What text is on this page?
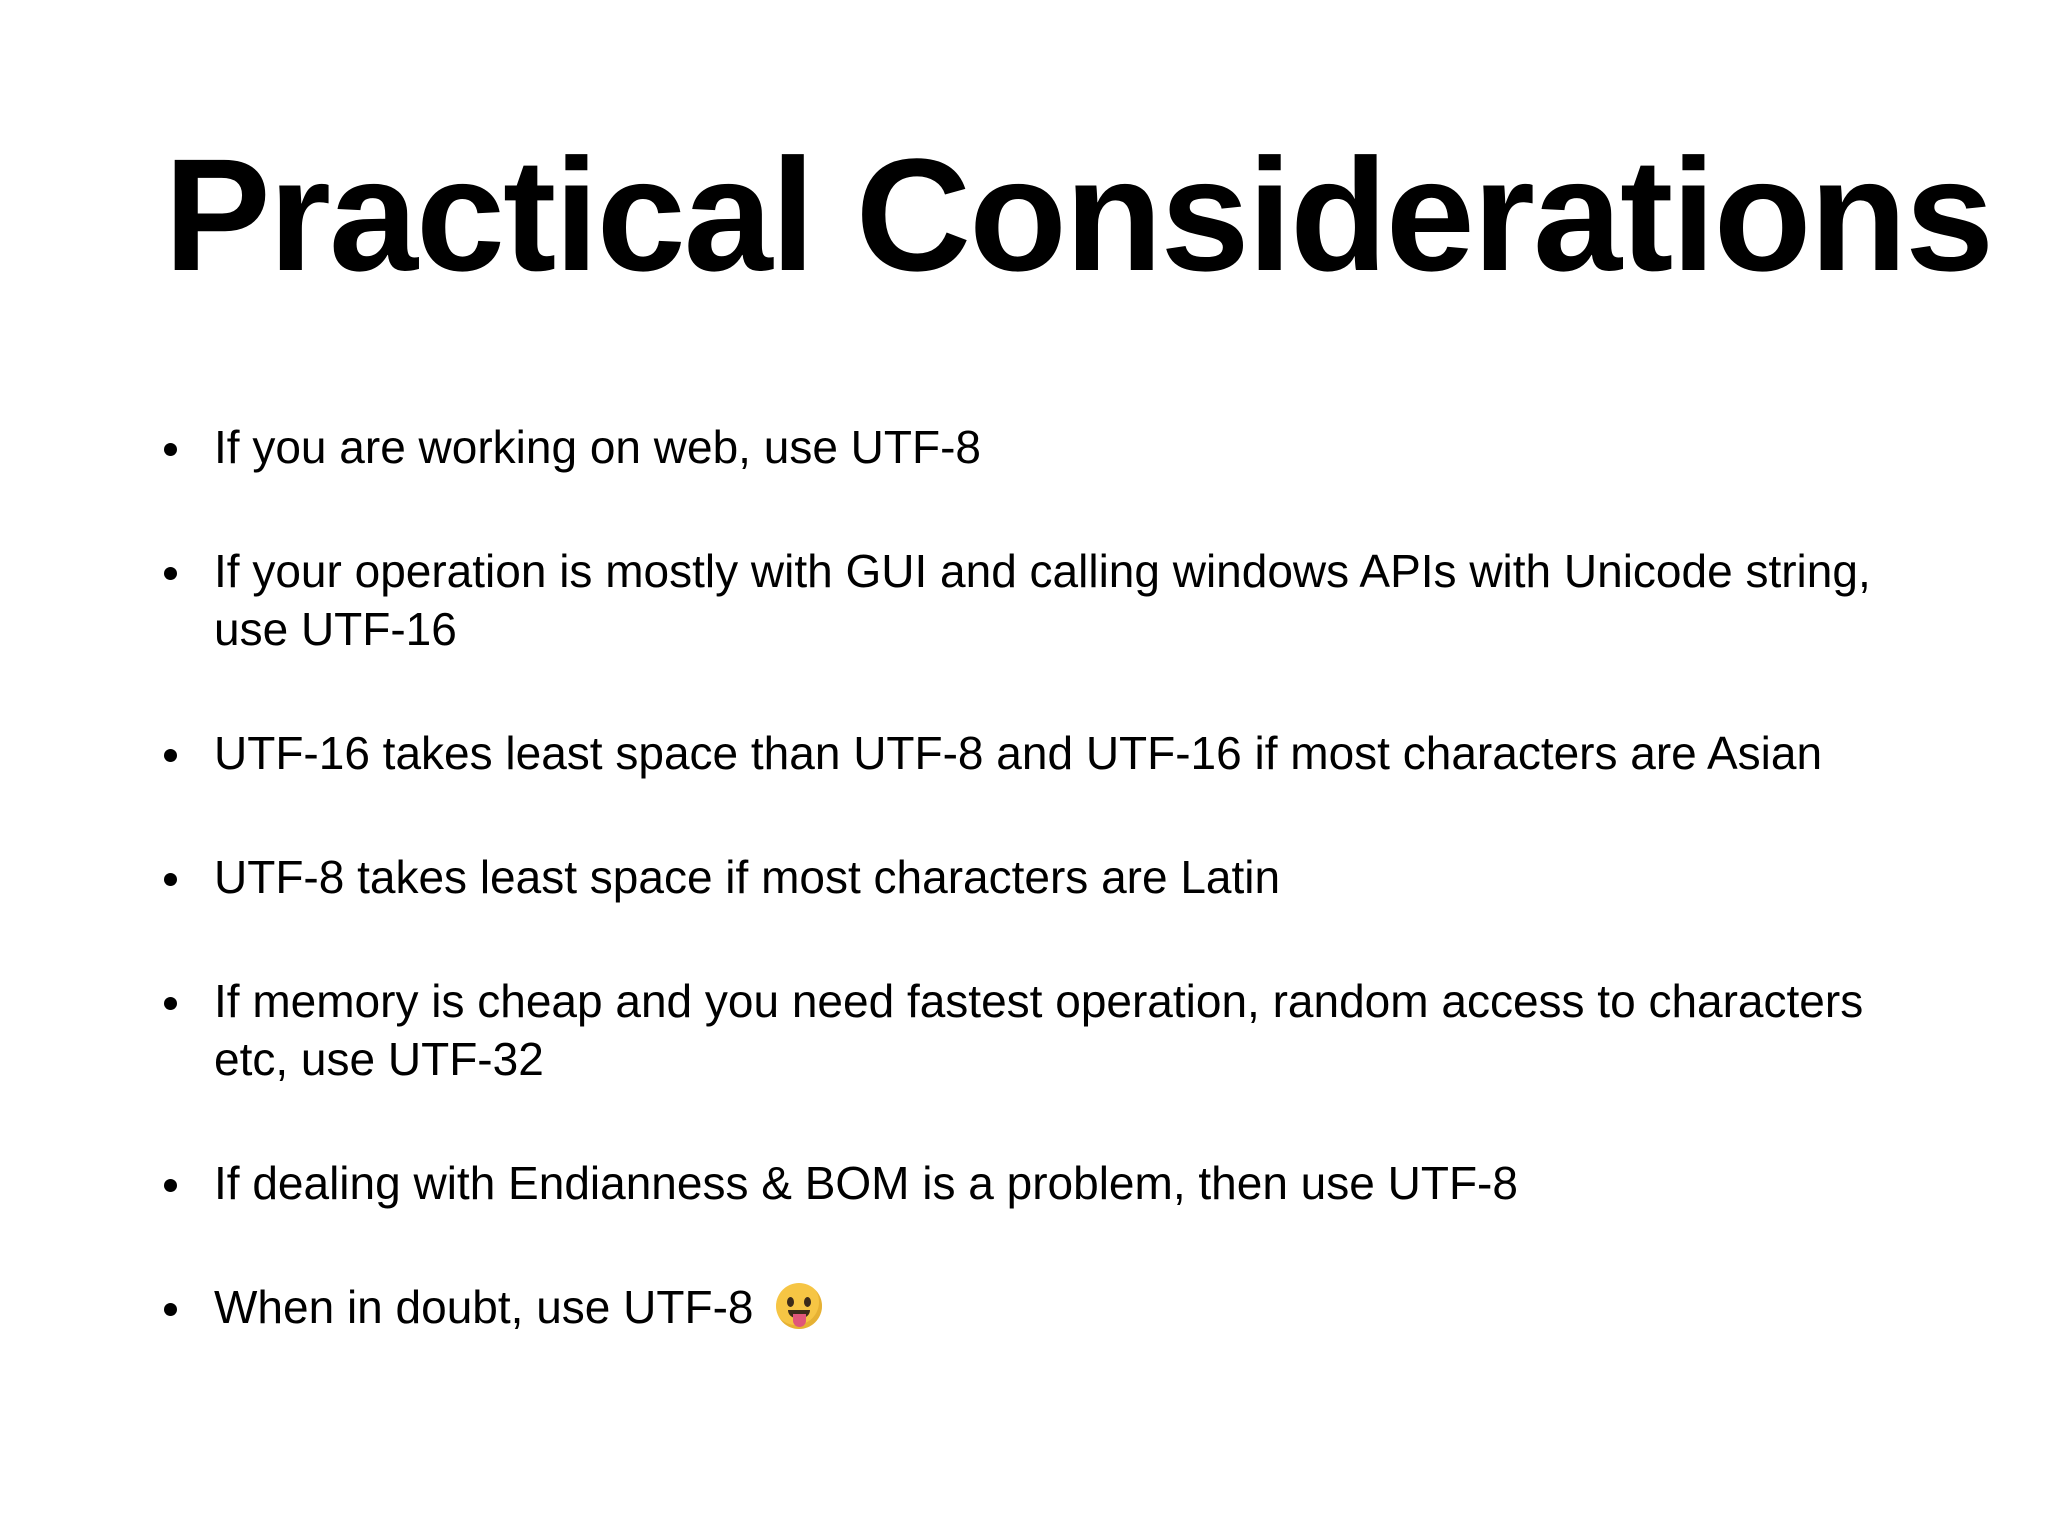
Practical Considerations
If you are working on web, use UTF-8
If your operation is mostly with GUI and calling windows APIs with Unicode string, use UTF-16
UTF-16 takes least space than UTF-8 and UTF-16 if most characters are Asian
UTF-8 takes least space if most characters are Latin
If memory is cheap and you need fastest operation, random access to characters etc, use UTF-32
If dealing with Endianness & BOM is a problem, then use UTF-8
When in doubt, use UTF-8
